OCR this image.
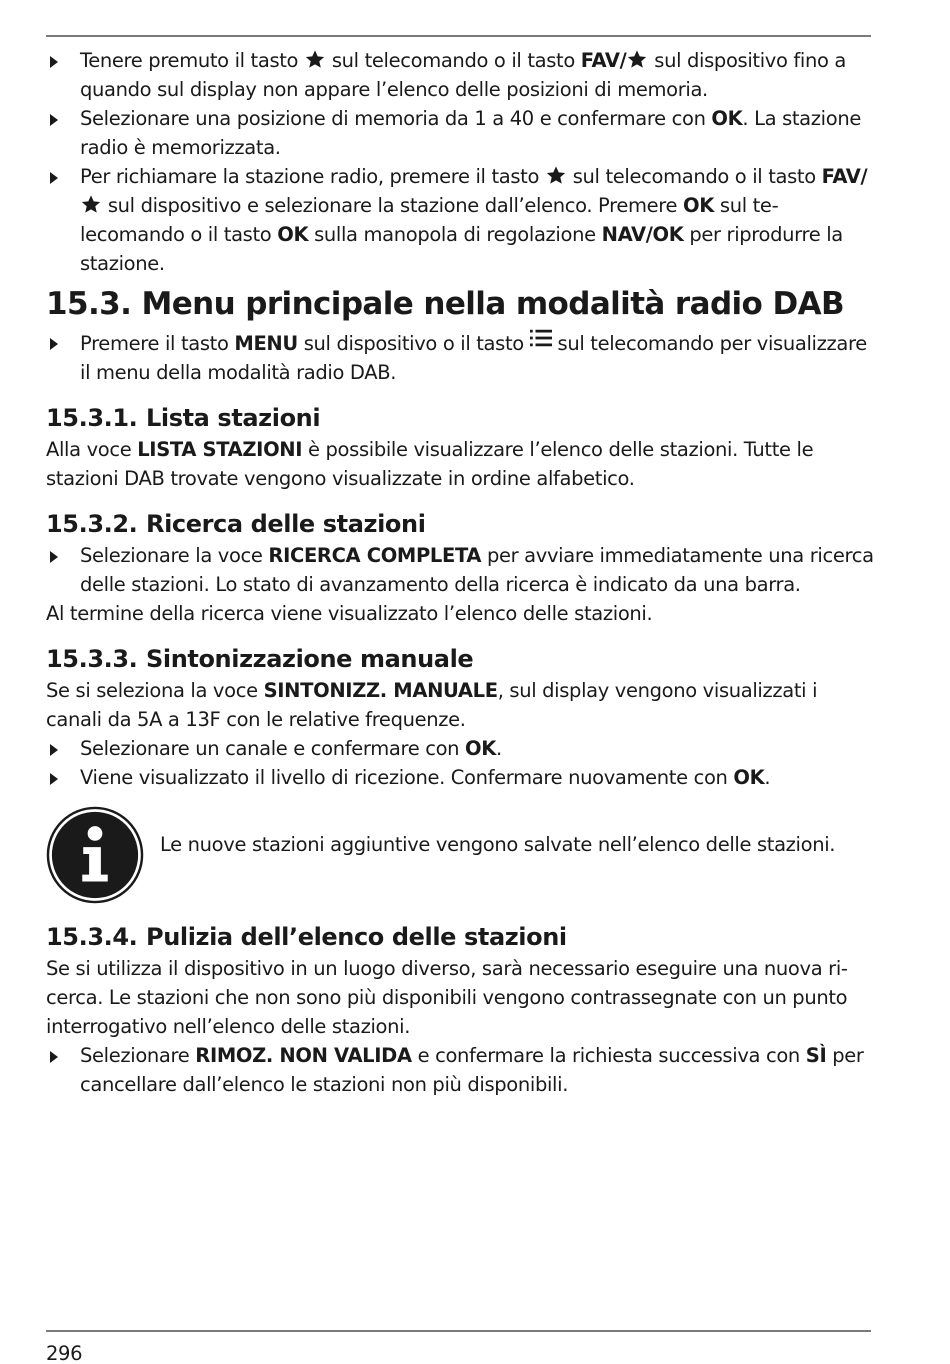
Tenere premuto il tasto  sul telecomando o il tasto FAV/ sul dispositivo fino a quando sul display non appare l’elenco delle posizioni di memoria.
Selezionare una posizione di memoria da 1 a 40 e confermare con OK. La stazione radio è memorizzata.
Per richiamare la stazione radio, premere il tasto  sul telecomando o il tasto FAV/ sul dispositivo e selezionare la stazione dall’elenco. Premere OK sul telecomando o il tasto OK sulla manopola di regolazione NAV/OK per riprodurre la stazione.
15.3. Menu principale nella modalità radio DAB
Premere il tasto MENU sul dispositivo o il tasto  sul telecomando per visualizzare il menu della modalità radio DAB.
15.3.1. Lista stazioni
Alla voce LISTA STAZIONI è possibile visualizzare l’elenco delle stazioni. Tutte le stazioni DAB trovate vengono visualizzate in ordine alfabetico.
15.3.2. Ricerca delle stazioni
Selezionare la voce RICERCA COMPLETA per avviare immediatamente una ricerca delle stazioni. Lo stato di avanzamento della ricerca è indicato da una barra.
Al termine della ricerca viene visualizzato l’elenco delle stazioni.
15.3.3. Sintonizzazione manuale
Se si seleziona la voce SINTONIZZ. MANUALE, sul display vengono visualizzati i canali da 5A a 13F con le relative frequenze.
Selezionare un canale e confermare con OK.
Viene visualizzato il livello di ricezione. Confermare nuovamente con OK.
Le nuove stazioni aggiuntive vengono salvate nell’elenco delle stazioni.
15.3.4. Pulizia dell’elenco delle stazioni
Se si utilizza il dispositivo in un luogo diverso, sarà necessario eseguire una nuova ricerca. Le stazioni che non sono più disponibili vengono contrassegnate con un punto interrogativo nell’elenco delle stazioni.
Selezionare RIMOZ. NON VALIDA e confermare la richiesta successiva con SÌ per cancellare dall’elenco le stazioni non più disponibili.
296
